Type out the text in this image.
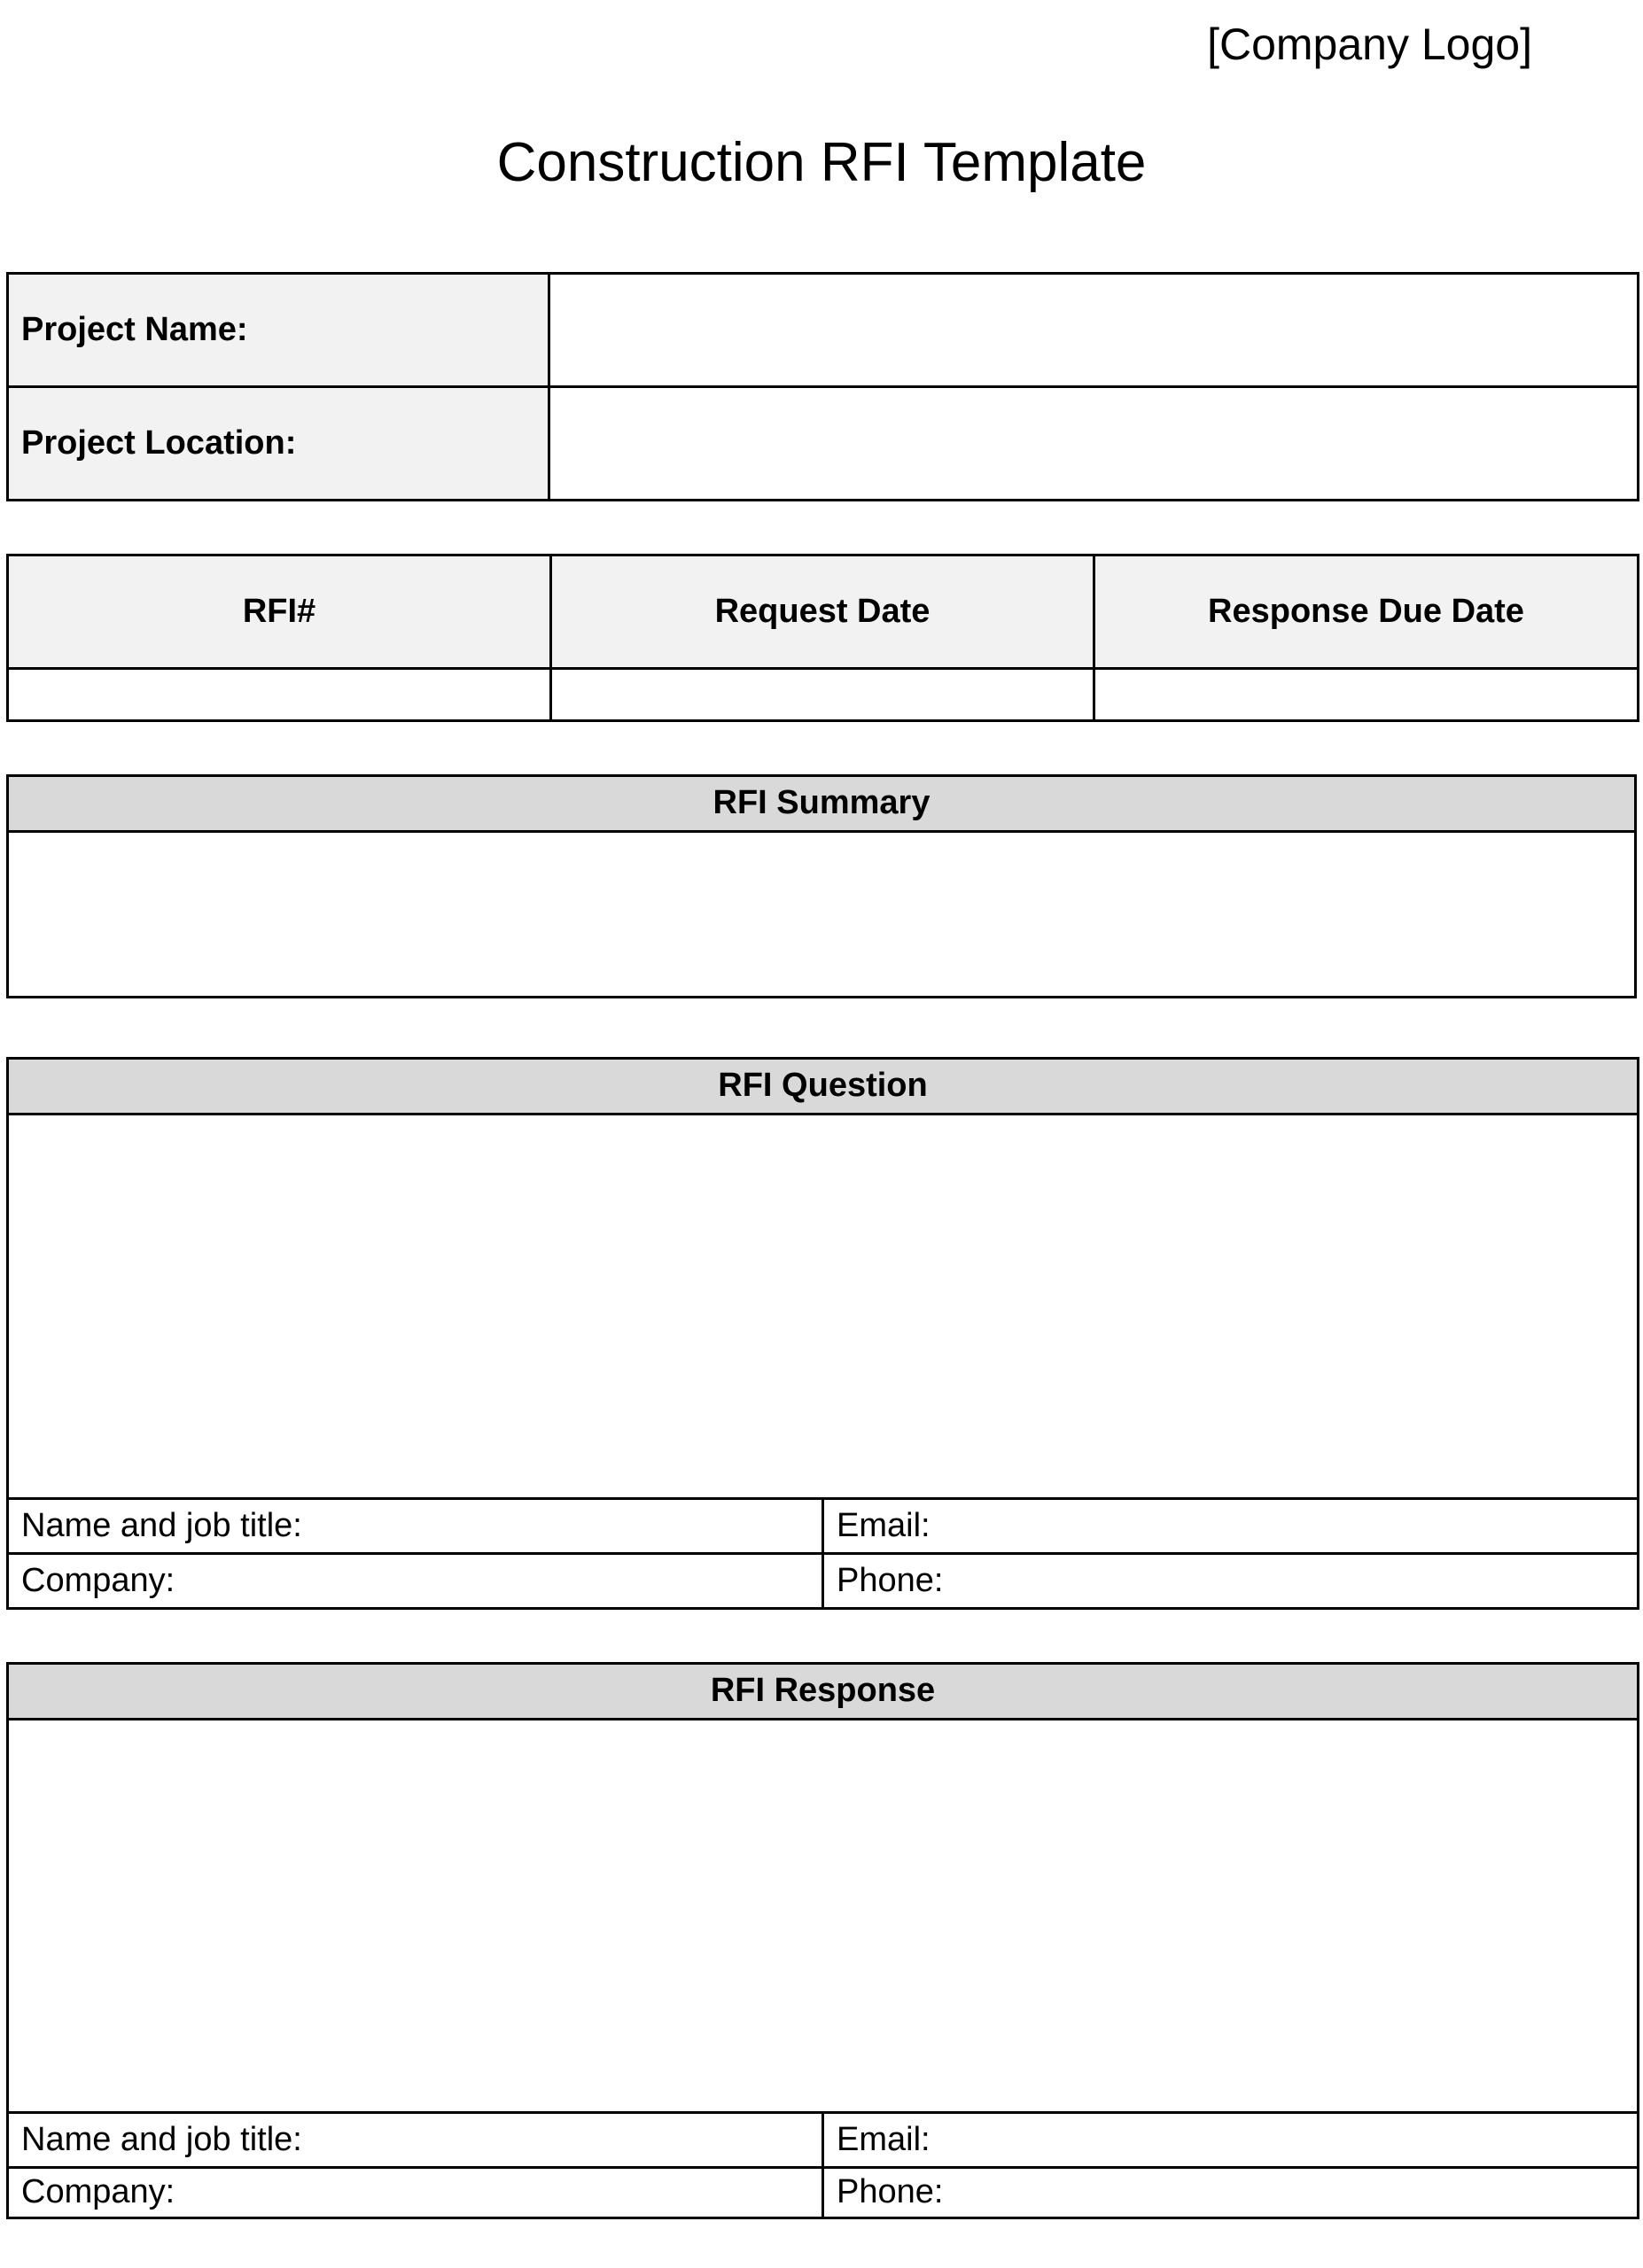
[Company Logo]
Construction RFI Template
Project Name:	
Project Location:	
RFI#	Request Date	Response Due Date

RFI Summary

RFI Question	

Name and job title:	Email:
Company:	Phone:
RFI Response	

Name and job title:	Email:
Company:	Phone:
